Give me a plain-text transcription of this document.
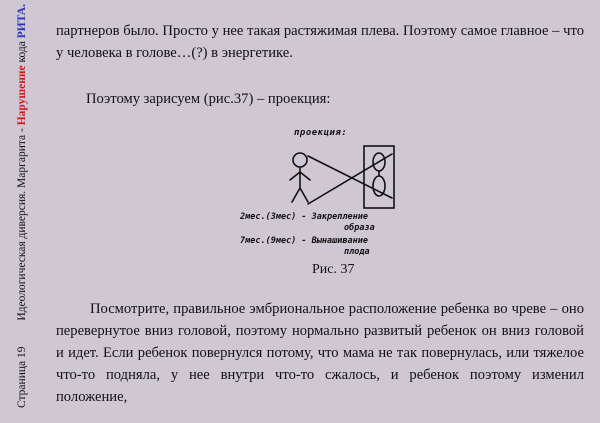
Страница 19         Идеологическая диверсия. Маргарита - Нарушение кода РИТА. партнеров было. Просто у нее такая растяжимая плева. Поэтому самое главное – что у человека в голове…(?) в энергетике.

Поэтому зарисуем (рис.37) – проекция:

проекция:
2мес.(3мес) - Закрепление
образа
7мес.(9мес) - Вынашивание
плода
Рис. 37

Посмотрите, правильное эмбриональное расположение ребенка во чреве – оно перевернутое вниз головой, поэтому нормально развитый ребенок он вниз головой и идет. Если ребенок повернулся потому, что мама не так повернулась, или тяжелое что-то подняла, у нее внутри что-то сжалось, и ребенок поэтому изменил положение,
